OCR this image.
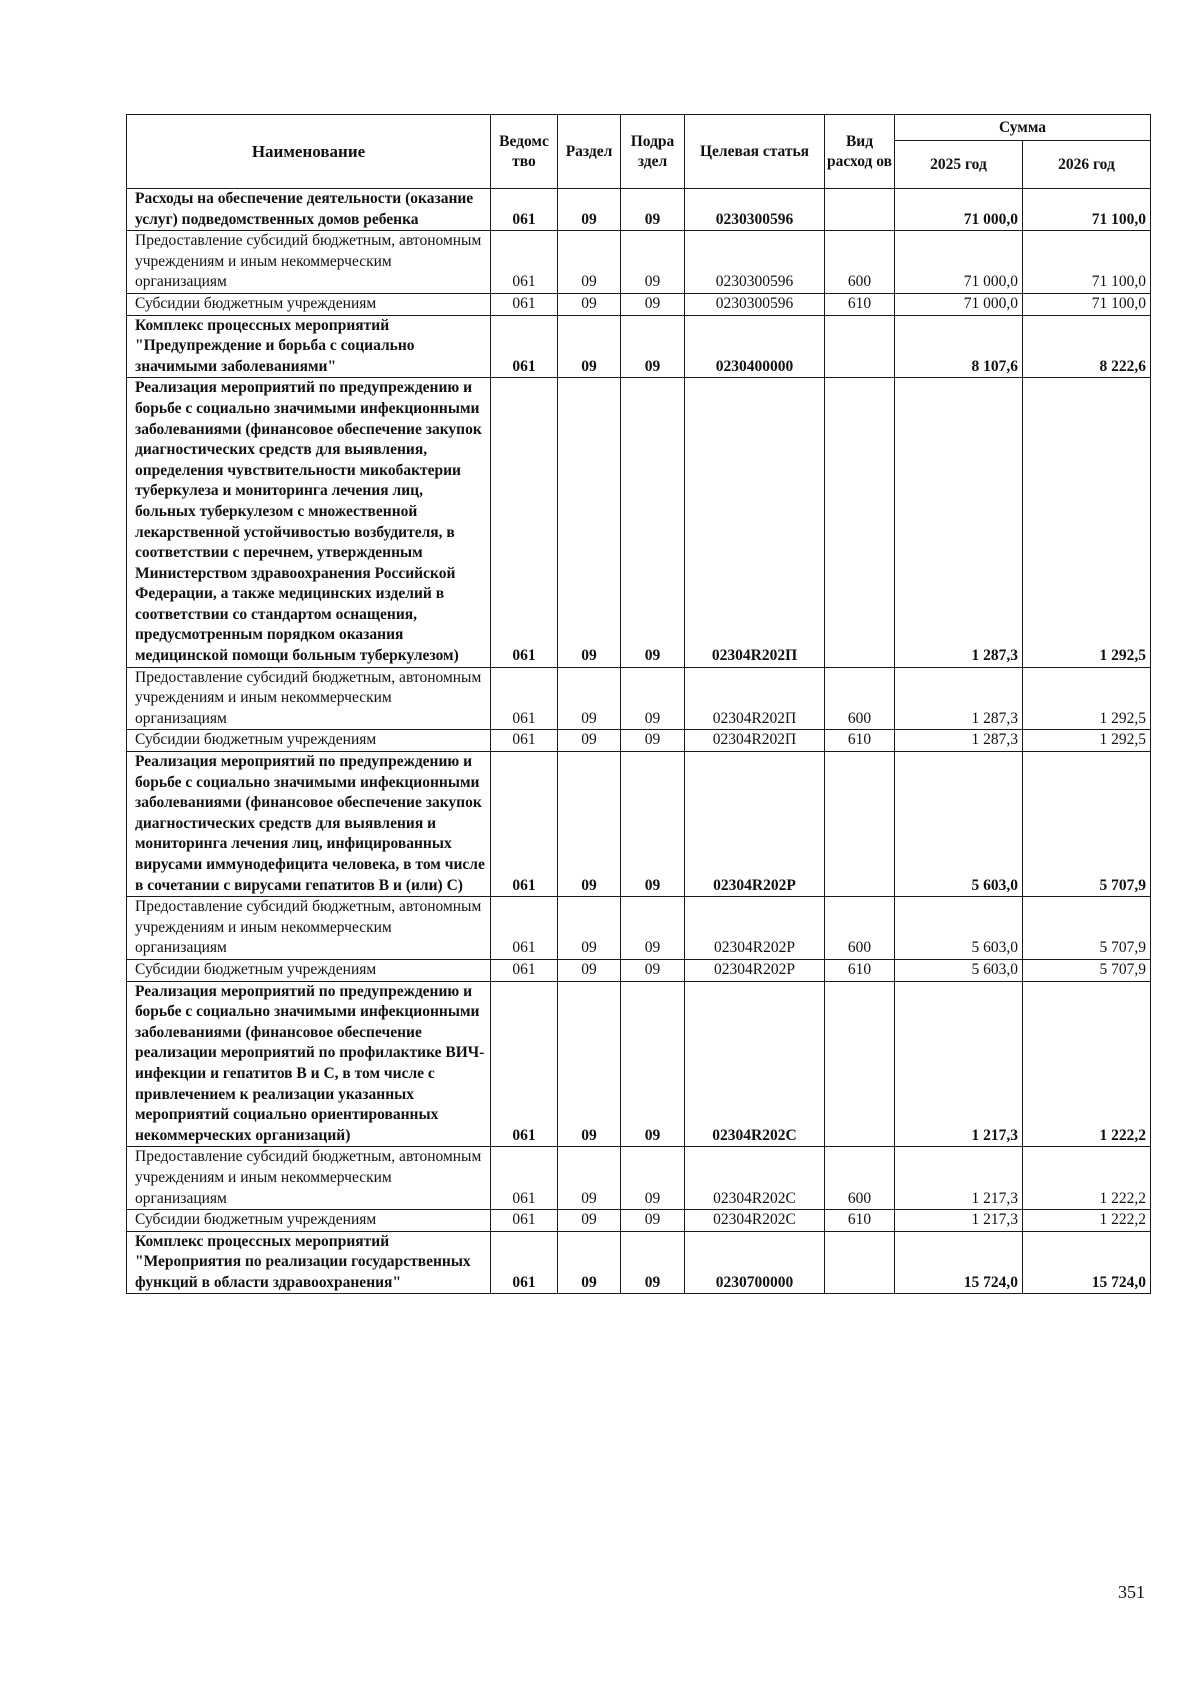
Наименование	Ведомс тво	Раздел	Подра здел	Целевая статья	Вид расход ов	Сумма	
						2025 год	2026 год
Расходы на обеспечение деятельности (оказание услуг) подведомственных домов ребенка	061	09	09	0230300596		71 000,0	71 100,0
Предоставление субсидий бюджетным, автономным учреждениям и иным некоммерческим организациям	061	09	09	0230300596	600	71 000,0	71 100,0
Субсидии бюджетным учреждениям	061	09	09	0230300596	610	71 000,0	71 100,0
Комплекс процессных мероприятий "Предупреждение и борьба с социально значимыми заболеваниями"	061	09	09	0230400000		8 107,6	8 222,6
Реализация мероприятий по предупреждению и борьбе с социально значимыми инфекционными заболеваниями (финансовое обеспечение закупок диагностических средств для выявления, определения чувствительности микобактерии туберкулеза и мониторинга лечения лиц, больных туберкулезом с множественной лекарственной устойчивостью возбудителя, в соответствии с перечнем, утвержденным Министерством здравоохранения Российской Федерации, а также медицинских изделий в соответствии со стандартом оснащения, предусмотренным порядком оказания медицинской помощи больным туберкулезом)	061	09	09	02304R202П		1 287,3	1 292,5
Предоставление субсидий бюджетным, автономным учреждениям и иным некоммерческим организациям	061	09	09	02304R202П	600	1 287,3	1 292,5
Субсидии бюджетным учреждениям	061	09	09	02304R202П	610	1 287,3	1 292,5
Реализация мероприятий по предупреждению и борьбе с социально значимыми инфекционными заболеваниями (финансовое обеспечение закупок диагностических средств для выявления и мониторинга лечения лиц, инфицированных вирусами иммунодефицита человека, в том числе в сочетании с вирусами гепатитов В и (или) С)	061	09	09	02304R202Р		5 603,0	5 707,9
Предоставление субсидий бюджетным, автономным учреждениям и иным некоммерческим организациям	061	09	09	02304R202Р	600	5 603,0	5 707,9
Субсидии бюджетным учреждениям	061	09	09	02304R202Р	610	5 603,0	5 707,9
Реализация мероприятий по предупреждению и борьбе с социально значимыми инфекционными заболеваниями (финансовое обеспечение реализации мероприятий по профилактике ВИЧ- инфекции и гепатитов В и С, в том числе с привлечением к реализации указанных мероприятий социально ориентированных некоммерческих организаций)	061	09	09	02304R202С		1 217,3	1 222,2
Предоставление субсидий бюджетным, автономным учреждениям и иным некоммерческим организациям	061	09	09	02304R202С	600	1 217,3	1 222,2
Субсидии бюджетным учреждениям	061	09	09	02304R202С	610	1 217,3	1 222,2
Комплекс процессных мероприятий "Мероприятия по реализации государственных функций в области здравоохранения"	061	09	09	0230700000		15 724,0	15 724,0
351
